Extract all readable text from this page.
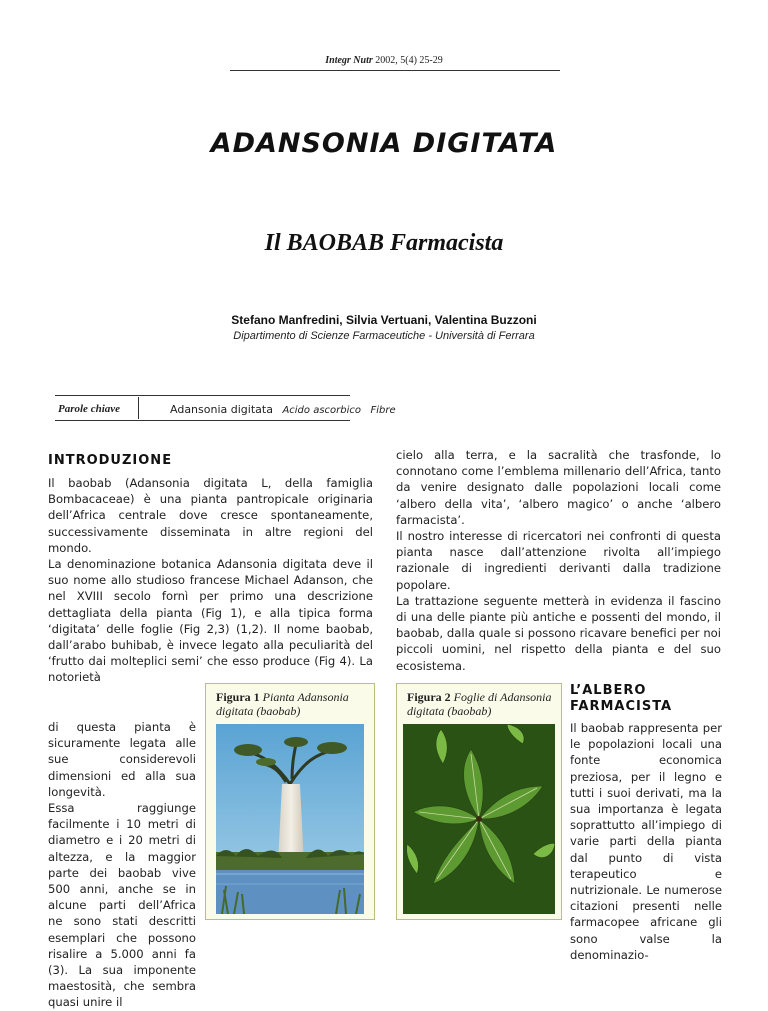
Integr Nutr 2002, 5(4) 25-29
ADANSONIA DIGITATA
Il BAOBAB Farmacista
Stefano Manfredini, Silvia Vertuani, Valentina Buzzoni
Dipartimento di Scienze Farmaceutiche - Università di Ferrara
Parole chiave	Adansonia digitata Acido ascorbico Fibre
INTRODUZIONE

Il baobab (Adansonia digitata L, della famiglia Bombacaceae) è una pianta pantropicale originaria dell’Africa centrale dove cresce spontaneamente, successivamente disseminata in altre regioni del mondo.

La denominazione botanica Adansonia digitata deve il suo nome allo studioso francese Michael Adanson, che nel XVIII secolo fornì per primo una descrizione dettagliata della pianta (Fig 1), e alla tipica forma ‘digitata’ delle foglie (Fig 2,3) (1,2). Il nome baobab, dall’arabo buhibab, è invece legato alla peculiarità del ‘frutto dai molteplici semi’ che esso produce (Fig 4). La notorietà

di questa pianta è sicuramente legata alle sue considerevoli dimensioni ed alla sua longevità.

Essa raggiunge facilmente i 10 metri di diametro e i 20 metri di altezza, e la maggior parte dei baobab vive 500 anni, anche se in alcune parti dell’Africa ne sono stati descritti esemplari che possono risalire a 5.000 anni fa (3). La sua imponente maestosità, che sembra quasi unire il

Figura 1 Pianta Adansonia digitata (baobab)

cielo alla terra, e la sacralità che trasfonde, lo connotano come l’emblema millenario dell’Africa, tanto da venire designato dalle popolazioni locali come ‘albero della vita’, ‘albero magico’ o anche ‘albero farmacista’.

Il nostro interesse di ricercatori nei confronti di questa pianta nasce dall’attenzione rivolta all’impiego razionale di ingredienti derivanti dalla tradizione popolare.

La trattazione seguente metterà in evidenza il fascino di una delle piante più antiche e possenti del mondo, il baobab, dalla quale si possono ricavare benefici per noi piccoli uomini, nel rispetto della pianta e del suo ecosistema.

Figura 2 Foglie di Adansonia digitata (baobab)
L’ALBERO FARMACISTA

Il baobab rappresenta per le popolazioni locali una fonte economica preziosa, per il legno e tutti i suoi derivati, ma la sua importanza è legata soprattutto all’impiego di varie parti della pianta dal punto di vista terapeutico e nutrizionale. Le numerose citazioni presenti nelle farmacopee africane gli sono valse la denominazio-
